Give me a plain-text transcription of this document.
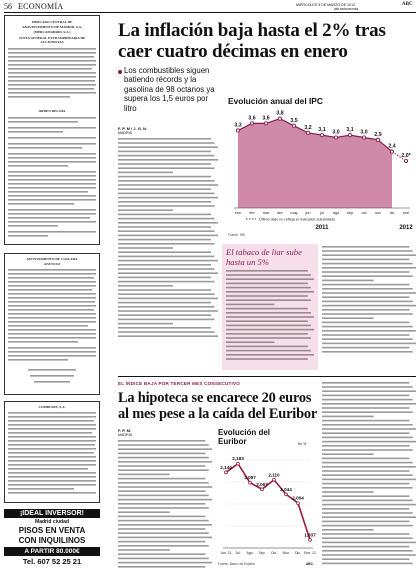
56 ECONOMÍA	MIÉRCOLES 5 DE MARZO DE 2012
abc.es/economia
ABC
MERCADO CENTRAL DE
ABASTECIMIENTO DE MADRID, S.A.
(MERCAMADRID, S.A.)
JUNTA GENERAL EXTRAORDINARIA DE ACCIONISTAS
ORDEN DEL DÍA
AYUNTAMIENTO DE COSLADA
ANUNCIO
COMBUSPE, S.A.
¡IDEAL INVERSOR!
Madrid ciudad
PISOS EN VENTA
CON INQUILINOS
A PARTIR 80.000€
Tel. 607 52 25 21
La inflación baja hasta el 2% tras caer cuatro décimas en enero
Los combustibles siguen batiendo récords y la gasolina de 98 octanos ya supera los 1,5 euros por litro
F. P. M / J. G. N.
MADRID
Evolución anual del IPC
3,3
ene
3,6
feb
3,6
mar
3,8
abr
3,5
may
3,2
jun
3,1
jul
3,0
ago
3,1
sep
3,0
oct
2,9
nov
2,4
dic
2,0*
ene
Último dato no refleja el indicador adelantado
2011	2012
Fuente: INE
El tabaco de liar sube hasta un 5%
EL ÍNDICE BAJA POR TERCER MES CONSECUTIVO
La hipoteca se encarece 20 euros al mes pese a la caída del Euribor
F. P. M.
MADRID	Evolución del
Euribor	En %
2,144
Jun. 11
2,183
Jul.
2,097
Ago.
2,067
Sep.
2,110
Oct.
2,044
Nov.
2,004
Dic.
1,837
Ene. 12
Fuente: Banco de España	ABC
